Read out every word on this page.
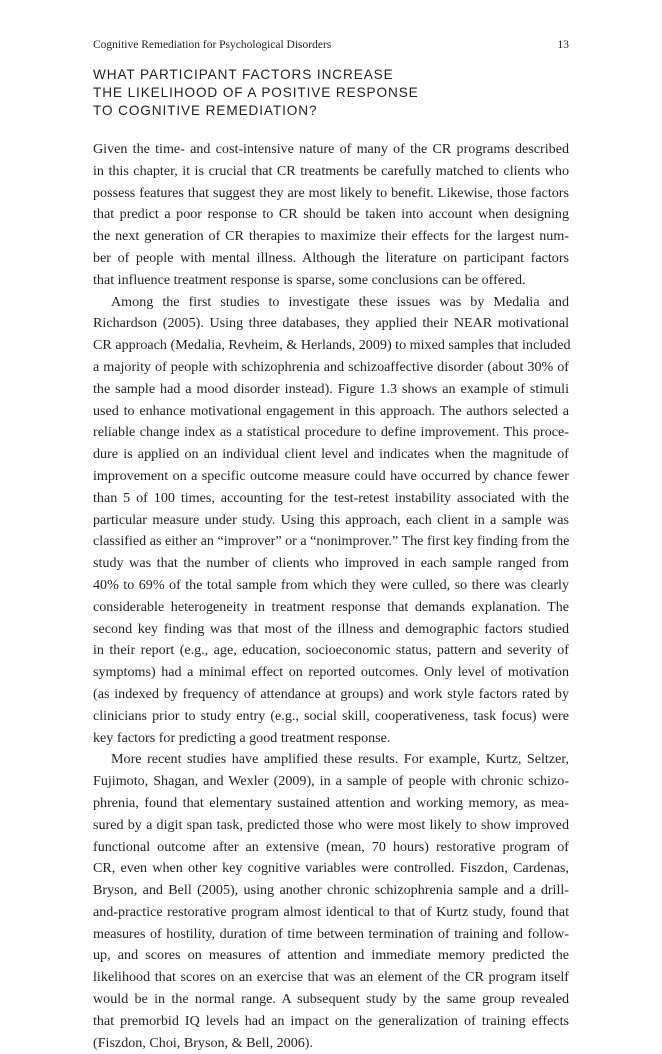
Cognitive Remediation for Psychological Disorders	13
WHAT PARTICIPANT FACTORS INCREASE
THE LIKELIHOOD OF A POSITIVE RESPONSE
TO COGNITIVE REMEDIATION?
Given the time- and cost-intensive nature of many of the CR programs described
in this chapter, it is crucial that CR treatments be carefully matched to clients who
possess features that suggest they are most likely to benefit. Likewise, those factors
that predict a poor response to CR should be taken into account when designing
the next generation of CR therapies to maximize their effects for the largest num-
ber of people with mental illness. Although the literature on participant factors
that influence treatment response is sparse, some conclusions can be offered.
Among the first studies to investigate these issues was by Medalia and
Richardson (2005). Using three databases, they applied their NEAR motivational
CR approach (Medalia, Revheim, & Herlands, 2009) to mixed samples that included
a majority of people with schizophrenia and schizoaffective disorder (about 30% of
the sample had a mood disorder instead). Figure 1.3 shows an example of stimuli
used to enhance motivational engagement in this approach. The authors selected a
reliable change index as a statistical procedure to define improvement. This proce-
dure is applied on an individual client level and indicates when the magnitude of
improvement on a specific outcome measure could have occurred by chance fewer
than 5 of 100 times, accounting for the test-retest instability associated with the
particular measure under study. Using this approach, each client in a sample was
classified as either an “improver” or a “nonimprover.” The first key finding from the
study was that the number of clients who improved in each sample ranged from
40% to 69% of the total sample from which they were culled, so there was clearly
considerable heterogeneity in treatment response that demands explanation. The
second key finding was that most of the illness and demographic factors studied
in their report (e.g., age, education, socioeconomic status, pattern and severity of
symptoms) had a minimal effect on reported outcomes. Only level of motivation
(as indexed by frequency of attendance at groups) and work style factors rated by
clinicians prior to study entry (e.g., social skill, cooperativeness, task focus) were
key factors for predicting a good treatment response.
More recent studies have amplified these results. For example, Kurtz, Seltzer,
Fujimoto, Shagan, and Wexler (2009), in a sample of people with chronic schizo-
phrenia, found that elementary sustained attention and working memory, as mea-
sured by a digit span task, predicted those who were most likely to show improved
functional outcome after an extensive (mean, 70 hours) restorative program of
CR, even when other key cognitive variables were controlled. Fiszdon, Cardenas,
Bryson, and Bell (2005), using another chronic schizophrenia sample and a drill-
and-practice restorative program almost identical to that of Kurtz study, found that
measures of hostility, duration of time between termination of training and follow-
up, and scores on measures of attention and immediate memory predicted the
likelihood that scores on an exercise that was an element of the CR program itself
would be in the normal range. A subsequent study by the same group revealed
that premorbid IQ levels had an impact on the generalization of training effects
(Fiszdon, Choi, Bryson, & Bell, 2006).
